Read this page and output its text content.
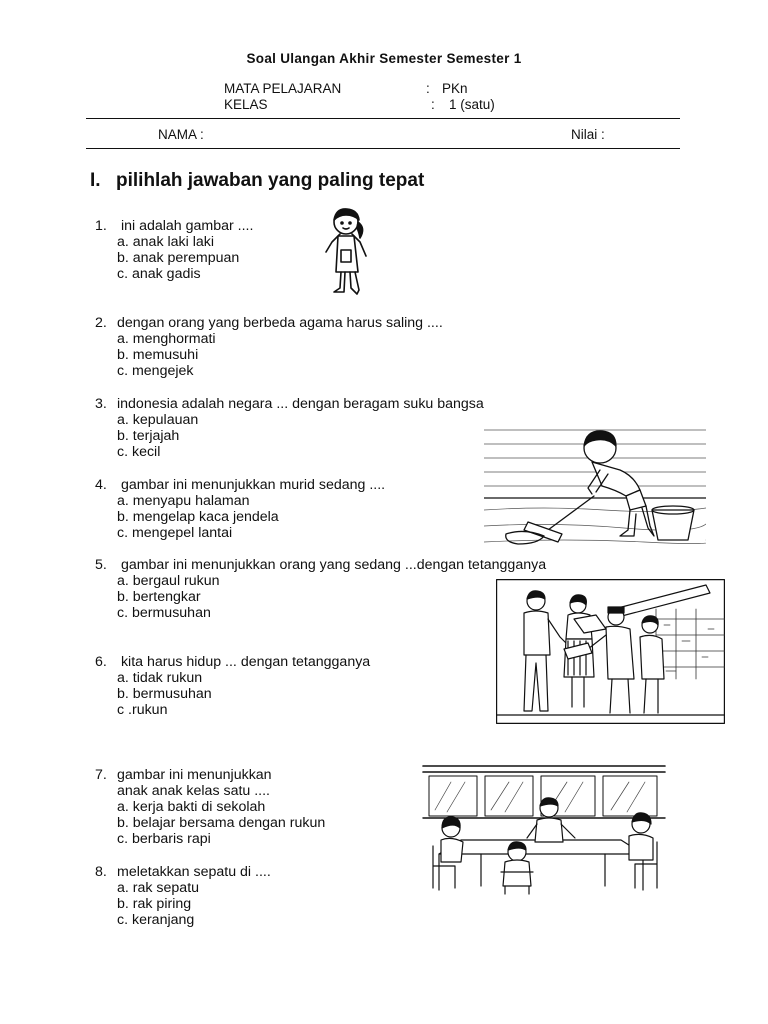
Soal Ulangan Akhir Semester Semester 1
MATA PELAJARAN	: PKn
KELAS	: 1 (satu)
NAMA :	Nilai :
I. pilihlah jawaban yang paling tepat
1. ini adalah gambar ....
a. anak laki laki
b. anak perempuan
c. anak gadis
2. dengan orang yang berbeda agama harus saling ....
a. menghormati
b. memusuhi
c. mengejek
3. indonesia adalah negara ... dengan beragam suku bangsa
a. kepulauan
b. terjajah
c. kecil
4. gambar ini menunjukkan murid sedang ....
a. menyapu halaman
b. mengelap kaca jendela
c. mengepel lantai
5. gambar ini menunjukkan orang yang sedang ...dengan tetangganya
a. bergaul rukun
b. bertengkar
c. bermusuhan
6. kita harus hidup ... dengan tetangganya
a. tidak rukun
b. bermusuhan
c .rukun
7. gambar ini menunjukkan
anak anak kelas satu ....
a. kerja bakti di sekolah
b. belajar bersama dengan rukun
c. berbaris rapi
8. meletakkan sepatu di ....
a. rak sepatu
b. rak piring
c. keranjang
